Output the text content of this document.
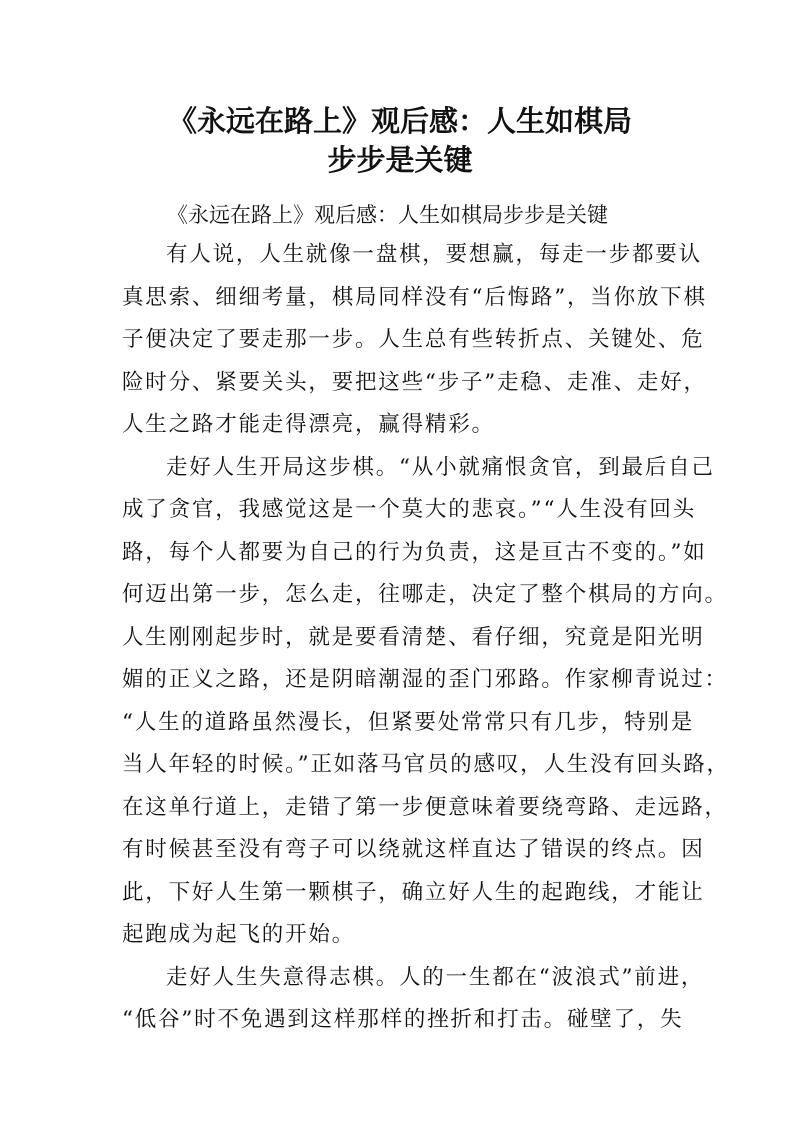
《永远在路上》观后感：人生如棋局
步步是关键
《永远在路上》观后感：人生如棋局步步是关键
有人说，人生就像一盘棋，要想赢，每走一步都要认
真思索、细细考量，棋局同样没有“后悔路”，当你放下棋
子便决定了要走那一步。人生总有些转折点、关键处、危
险时分、紧要关头，要把这些“步子”走稳、走准、走好，
人生之路才能走得漂亮，赢得精彩。
走好人生开局这步棋。“从小就痛恨贪官，到最后自己
成了贪官，我感觉这是一个莫大的悲哀。”“人生没有回头
路，每个人都要为自己的行为负责，这是亘古不变的。”如
何迈出第一步，怎么走，往哪走，决定了整个棋局的方向。
人生刚刚起步时，就是要看清楚、看仔细，究竟是阳光明
媚的正义之路，还是阴暗潮湿的歪门邪路。作家柳青说过：
“人生的道路虽然漫长，但紧要处常常只有几步，特别是
当人年轻的时候。”正如落马官员的感叹，人生没有回头路，
在这单行道上，走错了第一步便意味着要绕弯路、走远路，
有时候甚至没有弯子可以绕就这样直达了错误的终点。因
此，下好人生第一颗棋子，确立好人生的起跑线，才能让
起跑成为起飞的开始。
走好人生失意得志棋。人的一生都在“波浪式”前进，
“低谷”时不免遇到这样那样的挫折和打击。碰壁了，失
